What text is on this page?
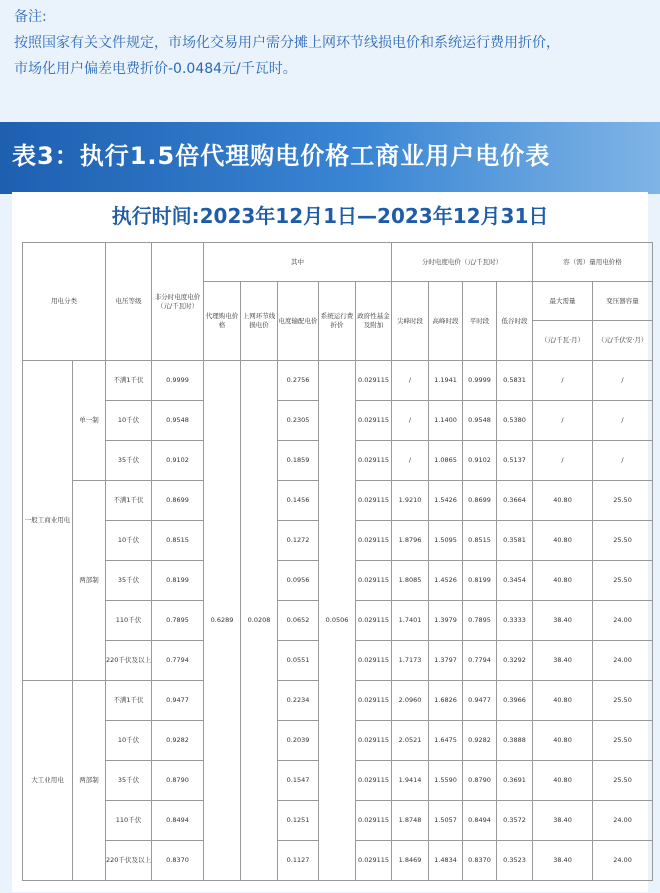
备注:
按照国家有关文件规定，市场化交易用户需分摊上网环节线损电价和系统运行费用折价，
市场化用户偏差电费折价-0.0484元/千瓦时。
表3：执行1.5倍代理购电价格工商业用户电价表
执行时间:2023年12月1日—2023年12月31日
用电分类		电压等级	非分时电度电价（元/千瓦时）	其中					分时电度电价（元/千瓦时）				容（需）量用电价格	
				代理购电价格	上网环节线损电价	电度输配电价	系统运行费折价	政府性基金及附加	尖峰时段	高峰时段	平时段	低谷时段	最大需量	变压器容量
													（元/千瓦·月）	（元/千伏安·月）
一般工商业用电	单一制	不满1千伏	0.9999	0.6289	0.0208	0.2756	0.0506	0.029115	/	1.1941	0.9999	0.5831	/	/
		10千伏	0.9548			0.2305		0.029115	/	1.1400	0.9548	0.5380	/	/
		35千伏	0.9102			0.1859		0.029115	/	1.0865	0.9102	0.5137	/	/
	两部制	不满1千伏	0.8699			0.1456		0.029115	1.9210	1.5426	0.8699	0.3664	40.80	25.50
		10千伏	0.8515			0.1272		0.029115	1.8796	1.5095	0.8515	0.3581	40.80	25.50
		35千伏	0.8199			0.0956		0.029115	1.8085	1.4526	0.8199	0.3454	40.80	25.50
		110千伏	0.7895			0.0652		0.029115	1.7401	1.3979	0.7895	0.3333	38.40	24.00
		220千伏及以上	0.7794			0.0551		0.029115	1.7173	1.3797	0.7794	0.3292	38.40	24.00
大工业用电	两部制	不满1千伏	0.9477			0.2234		0.029115	2.0960	1.6826	0.9477	0.3966	40.80	25.50
		10千伏	0.9282			0.2039		0.029115	2.0521	1.6475	0.9282	0.3888	40.80	25.50
		35千伏	0.8790			0.1547		0.029115	1.9414	1.5590	0.8790	0.3691	40.80	25.50
		110千伏	0.8494			0.1251		0.029115	1.8748	1.5057	0.8494	0.3572	38.40	24.00
		220千伏及以上	0.8370			0.1127		0.029115	1.8469	1.4834	0.8370	0.3523	38.40	24.00
